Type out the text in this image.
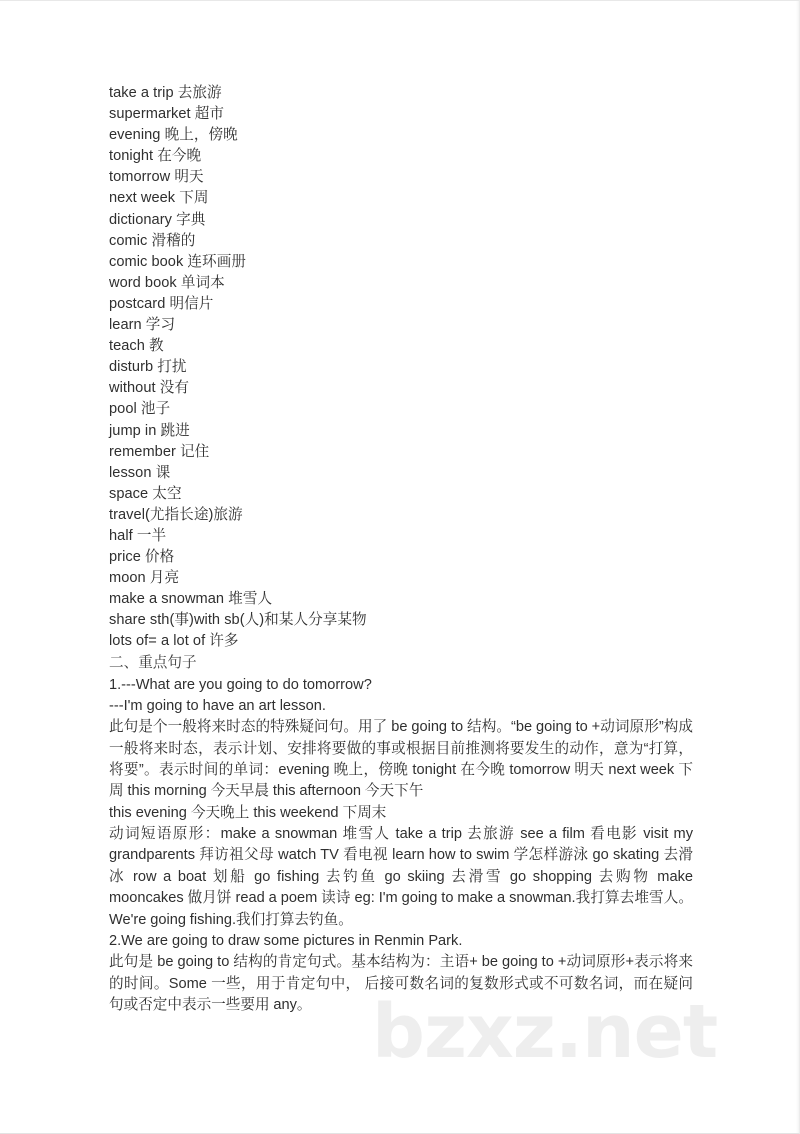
bzxz.net
take a trip 去旅游
supermarket 超市
evening 晚上，傍晚
tonight 在今晚
tomorrow 明天
next week 下周
dictionary 字典
comic 滑稽的
comic book 连环画册
word book 单词本
postcard 明信片
learn 学习
teach 教
disturb 打扰
without 没有
pool 池子
jump in 跳进
remember 记住
lesson 课
space 太空
travel(尤指长途)旅游
half 一半
price 价格
moon 月亮
make a snowman 堆雪人
share sth(事)with sb(人)和某人分享某物
lots of= a lot of 许多
二、重点句子
1.---What are you going to do tomorrow?
---I'm going to have an art lesson.
此句是个一般将来时态的特殊疑问句。用了 be going to 结构。“be going to +动词原形”构成一般将来时态，表示计划、安排将要做的事或根据目前推测将要发生的动作，意为“打算，将要”。表示时间的单词：evening 晚上，傍晚 tonight 在今晚 tomorrow 明天 next week 下周 this morning 今天早晨 this afternoon 今天下午
this evening 今天晚上 this weekend 下周末
动词短语原形：make a snowman 堆雪人 take a trip 去旅游 see a film 看电影 visit my grandparents 拜访祖父母 watch TV 看电视 learn how to swim 学怎样游泳 go skating 去滑冰 row a boat 划船 go fishing 去钓鱼 go skiing 去滑雪 go shopping 去购物 make mooncakes 做月饼 read a poem 读诗 eg: I'm going to make a snowman.我打算去堆雪人。We're going fishing.我们打算去钓鱼。
2.We are going to draw some pictures in Renmin Park.
此句是 be going to 结构的肯定句式。基本结构为：主语+ be going to +动词原形+表示将来的时间。Some 一些，用于肯定句中， 后接可数名词的复数形式或不可数名词，而在疑问句或否定中表示一些要用 any。
